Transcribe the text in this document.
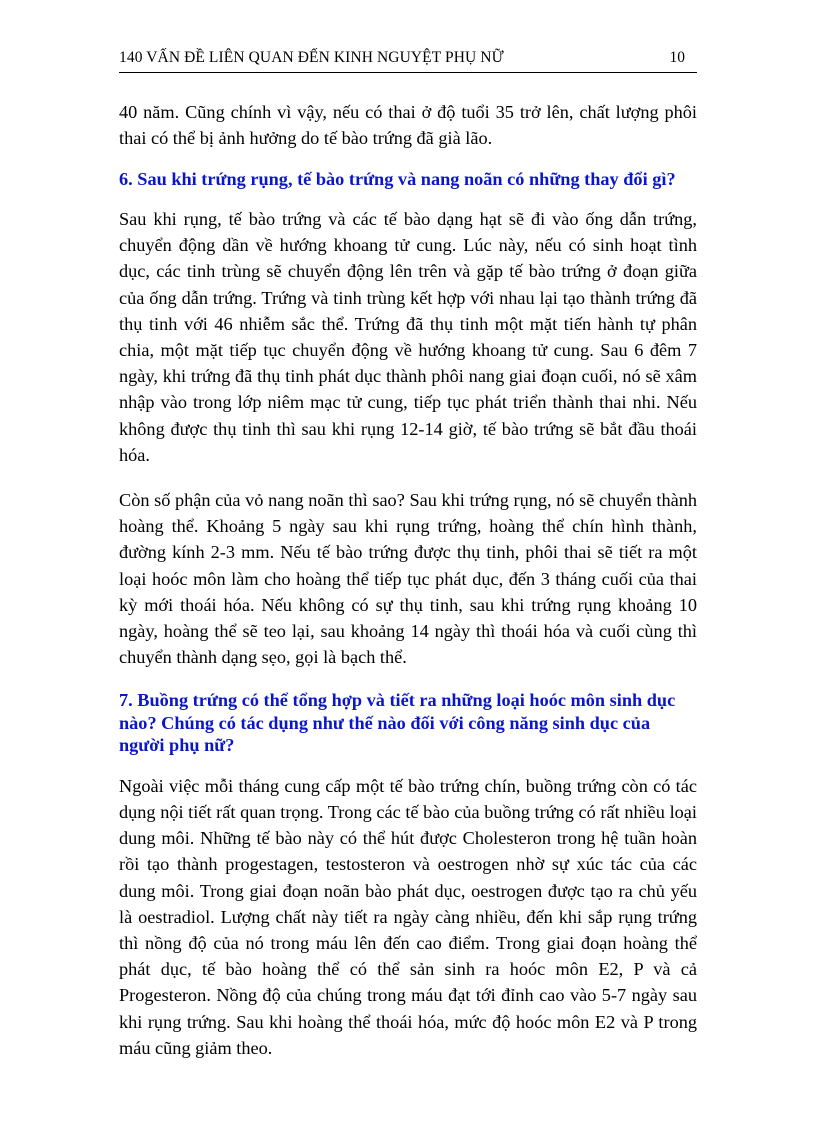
140 VẤN ĐỀ LIÊN QUAN ĐẾN KINH NGUYỆT PHỤ NỮ	10

40 năm. Cũng chính vì vậy, nếu có thai ở độ tuổi 35 trở lên, chất lượng phôi thai có thể bị ảnh hưởng do tế bào trứng đã già lão.

6. Sau khi trứng rụng, tế bào trứng và nang noãn có những thay đổi gì?

Sau khi rụng, tế bào trứng và các tế bào dạng hạt sẽ đi vào ống dẫn trứng, chuyển động dần về hướng khoang tử cung. Lúc này, nếu có sinh hoạt tình dục, các tinh trùng sẽ chuyển động lên trên và gặp tế bào trứng ở đoạn giữa của ống dẫn trứng. Trứng và tinh trùng kết hợp với nhau lại tạo thành trứng đã thụ tinh với 46 nhiễm sắc thể. Trứng đã thụ tinh một mặt tiến hành tự phân chia, một mặt tiếp tục chuyển động về hướng khoang tử cung. Sau 6 đêm 7 ngày, khi trứng đã thụ tinh phát dục thành phôi nang giai đoạn cuối, nó sẽ xâm nhập vào trong lớp niêm mạc tử cung, tiếp tục phát triển thành thai nhi. Nếu không được thụ tinh thì sau khi rụng 12-14 giờ, tế bào trứng sẽ bắt đầu thoái hóa.

Còn số phận của vỏ nang noãn thì sao? Sau khi trứng rụng, nó sẽ chuyển thành hoàng thể. Khoảng 5 ngày sau khi rụng trứng, hoàng thể chín hình thành, đường kính 2-3 mm. Nếu tế bào trứng được thụ tinh, phôi thai sẽ tiết ra một loại hoóc môn làm cho hoàng thể tiếp tục phát dục, đến 3 tháng cuối của thai kỳ mới thoái hóa. Nếu không có sự thụ tinh, sau khi trứng rụng khoảng 10 ngày, hoàng thể sẽ teo lại, sau khoảng 14 ngày thì thoái hóa và cuối cùng thì chuyển thành dạng sẹo, gọi là bạch thể.

7. Buồng trứng có thể tổng hợp và tiết ra những loại hoóc môn sinh dục nào? Chúng có tác dụng như thế nào đối với công năng sinh dục của người phụ nữ?

Ngoài việc mỗi tháng cung cấp một tế bào trứng chín, buồng trứng còn có tác dụng nội tiết rất quan trọng. Trong các tế bào của buồng trứng có rất nhiều loại dung môi. Những tế bào này có thể hút được Cholesteron trong hệ tuần hoàn rồi tạo thành progestagen, testosteron và oestrogen nhờ sự xúc tác của các dung môi. Trong giai đoạn noãn bào phát dục, oestrogen được tạo ra chủ yếu là oestradiol. Lượng chất này tiết ra ngày càng nhiều, đến khi sắp rụng trứng thì nồng độ của nó trong máu lên đến cao điểm. Trong giai đoạn hoàng thể phát dục, tế bào hoàng thể có thể sản sinh ra hoóc môn E2, P và cả Progesteron. Nồng độ của chúng trong máu đạt tới đỉnh cao vào 5-7 ngày sau khi rụng trứng. Sau khi hoàng thể thoái hóa, mức độ hoóc môn E2 và P trong máu cũng giảm theo.
